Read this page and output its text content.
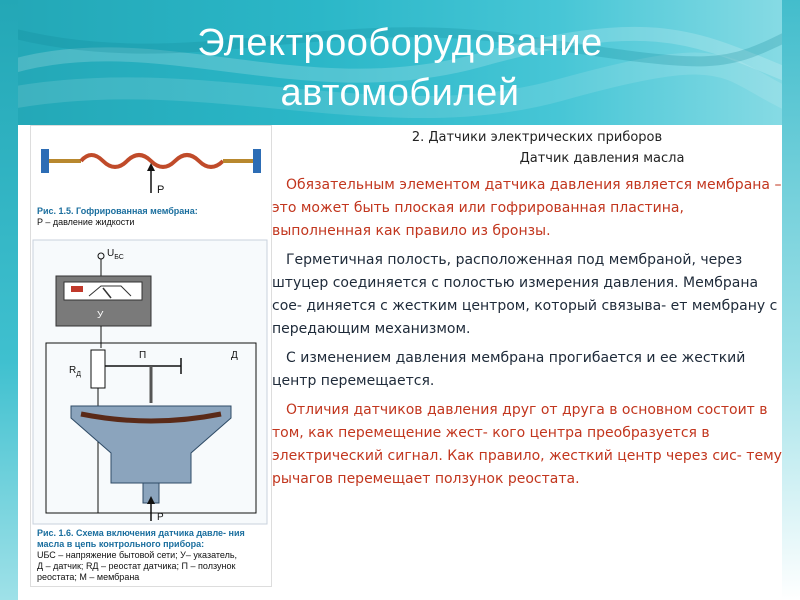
Электрооборудование автомобилей
P
Рис. 1.5. Гофрированная мембрана:
P – давление жидкости
$U_{БС}$
У
Д
$R_Д$
П
P
Рис. 1.6. Схема включения датчика давле- ния масла в цепь контрольного прибора:
UБС – напряжение бытовой сети; У– указатель,
Д – датчик; RД – реостат датчика; П – ползунок
реостата; М – мембрана
2. Датчики электрических приборов
Датчик давления масла

Обязательным элементом датчика давления является мембрана – это может быть плоская или гофрированная пластина, выполненная как правило из бронзы.

Герметичная полость, расположенная под мембраной, через штуцер соединяется с полостью измерения давления. Мембрана сое- диняется с жестким центром, который связыва- ет мембрану с передающим механизмом.

С изменением давления мембрана прогибается и ее жесткий центр перемещается.

Отличия датчиков давления друг от друга в основном состоит в том, как перемещение жест- кого центра преобразуется в электрический сигнал. Как правило, жесткий центр через сис- тему рычагов перемещает ползунок реостата.
